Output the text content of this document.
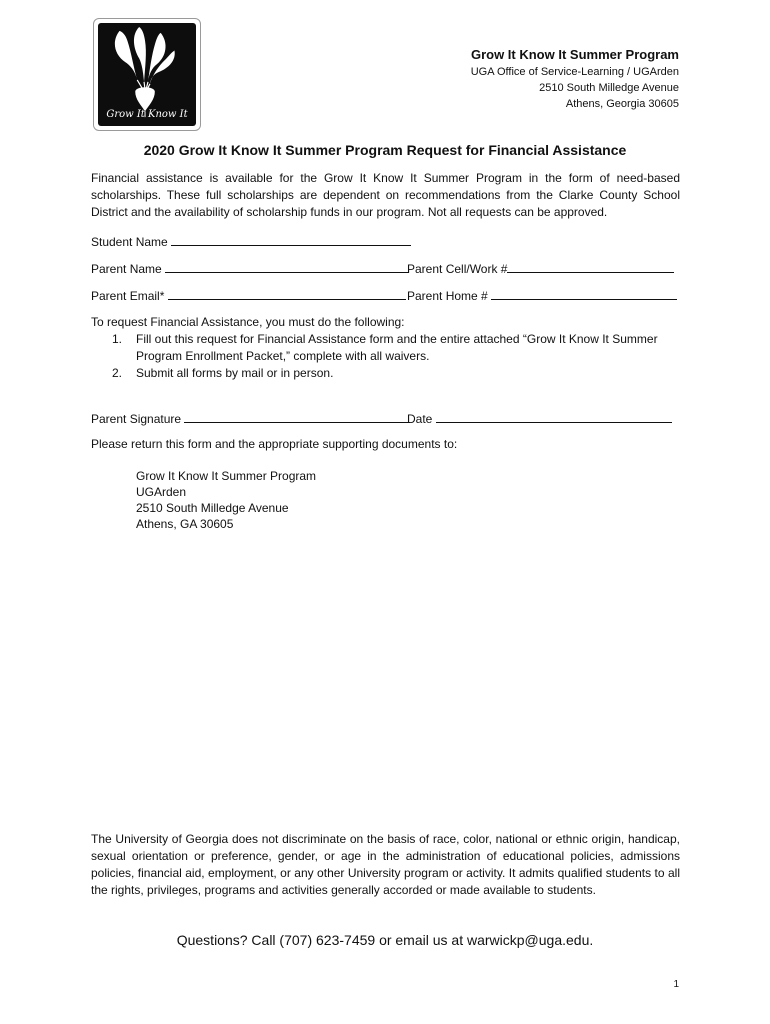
Grow It Know It
Grow It Know It Summer Program
UGA Office of Service-Learning / UGArden
2510 South Milledge Avenue
Athens, Georgia 30605
2020 Grow It Know It Summer Program Request for Financial Assistance
Financial assistance is available for the Grow It Know It Summer Program in the form of need-based scholarships. These full scholarships are dependent on recommendations from the Clarke County School District and the availability of scholarship funds in our program. Not all requests can be approved.
Student Name
Parent Name	Parent Cell/Work #
Parent Email*	Parent Home #
To request Financial Assistance, you must do the following:
1. Fill out this request for Financial Assistance form and the entire attached “Grow It Know It Summer Program Enrollment Packet,” complete with all waivers.
2. Submit all forms by mail or in person.
Parent Signature	Date
Please return this form and the appropriate supporting documents to:
Grow It Know It Summer Program
UGArden
2510 South Milledge Avenue
Athens, GA 30605
The University of Georgia does not discriminate on the basis of race, color, national or ethnic origin, handicap, sexual orientation or preference, gender, or age in the administration of educational policies, admissions policies, financial aid, employment, or any other University program or activity. It admits qualified students to all the rights, privileges, programs and activities generally accorded or made available to students.
Questions? Call (707) 623-7459 or email us at warwickp@uga.edu.
1
